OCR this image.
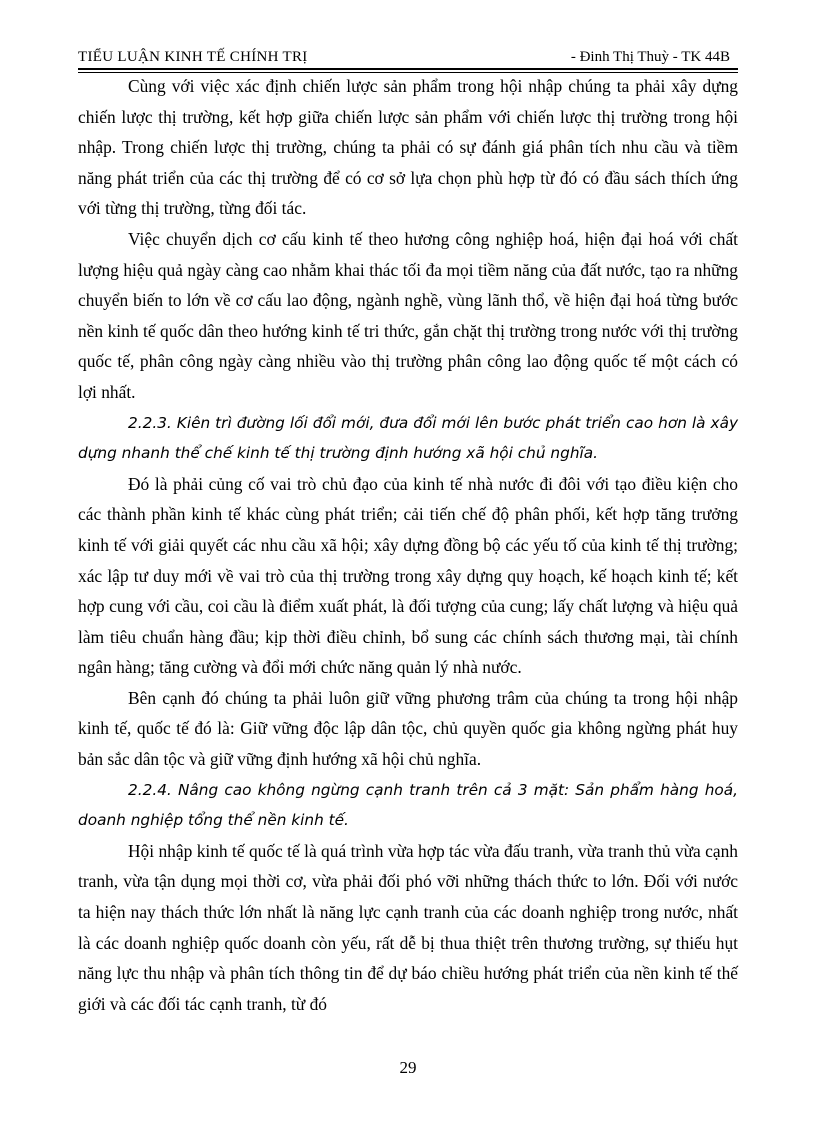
TIỂU LUẬN KINH TẾ CHÍNH TRỊ	- Đinh Thị Thuỳ - TK 44B

Cùng với việc xác định chiến lược sản phẩm trong hội nhập chúng ta phải xây dựng chiến lược thị trường, kết hợp giữa chiến lược sản phẩm với chiến lược thị trường trong hội nhập. Trong chiến lược thị trường, chúng ta phải có sự đánh giá phân tích nhu cầu và tiềm năng phát triển của các thị trường để có cơ sở lựa chọn phù hợp từ đó có đầu sách thích ứng với từng thị trường, từng đối tác.

Việc chuyển dịch cơ cấu kinh tế theo hương công nghiệp hoá, hiện đại hoá với chất lượng hiệu quả ngày càng cao nhằm khai thác tối đa mọi tiềm năng của đất nước, tạo ra những chuyển biến to lớn về cơ cấu lao động, ngành nghề, vùng lãnh thổ, về hiện đại hoá từng bước nền kinh tế quốc dân theo hướng kinh tế tri thức, gắn chặt thị trường trong nước với thị trường quốc tế, phân công ngày càng nhiều vào thị trường phân công lao động quốc tế một cách có lợi nhất.

2.2.3. Kiên trì đường lối đổi mới, đưa đổi mới lên bước phát triển cao hơn là xây dựng nhanh thể chế kinh tế thị trường định hướng xã hội chủ nghĩa.

Đó là phải củng cố vai trò chủ đạo của kinh tế nhà nước đi đôi với tạo điều kiện cho các thành phần kinh tế khác cùng phát triển; cải tiến chế độ phân phối, kết hợp tăng trưởng kinh tế với giải quyết các nhu cầu xã hội; xây dựng đồng bộ các yếu tố của kinh tế thị trường; xác lập tư duy mới về vai trò của thị trường trong xây dựng quy hoạch, kế hoạch kinh tế; kết hợp cung với cầu, coi cầu là điểm xuất phát, là đối tượng của cung; lấy chất lượng và hiệu quả làm tiêu chuẩn hàng đầu; kịp thời điều chỉnh, bổ sung các chính sách thương mại, tài chính ngân hàng; tăng cường và đổi mới chức năng quản lý nhà nước.

Bên cạnh đó chúng ta phải luôn giữ vững phương trâm của chúng ta trong hội nhập kinh tế, quốc tế đó là: Giữ vững độc lập dân tộc, chủ quyền quốc gia không ngừng phát huy bản sắc dân tộc và giữ vững định hướng xã hội chủ nghĩa.

2.2.4. Nâng cao không ngừng cạnh tranh trên cả 3 mặt: Sản phẩm hàng hoá, doanh nghiệp tổng thể nền kinh tế.

Hội nhập kinh tế quốc tế là quá trình vừa hợp tác vừa đấu tranh, vừa tranh thủ vừa cạnh tranh, vừa tận dụng mọi thời cơ, vừa phải đối phó vỡi những thách thức to lớn. Đối với nước ta hiện nay thách thức lớn nhất là năng lực cạnh tranh của các doanh nghiệp trong nước, nhất là các doanh nghiệp quốc doanh còn yếu, rất dễ bị thua thiệt trên thương trường, sự thiếu hụt năng lực thu nhập và phân tích thông tin để dự báo chiều hướng phát triển của nền kinh tế thế giới và các đối tác cạnh tranh, từ đó

29
